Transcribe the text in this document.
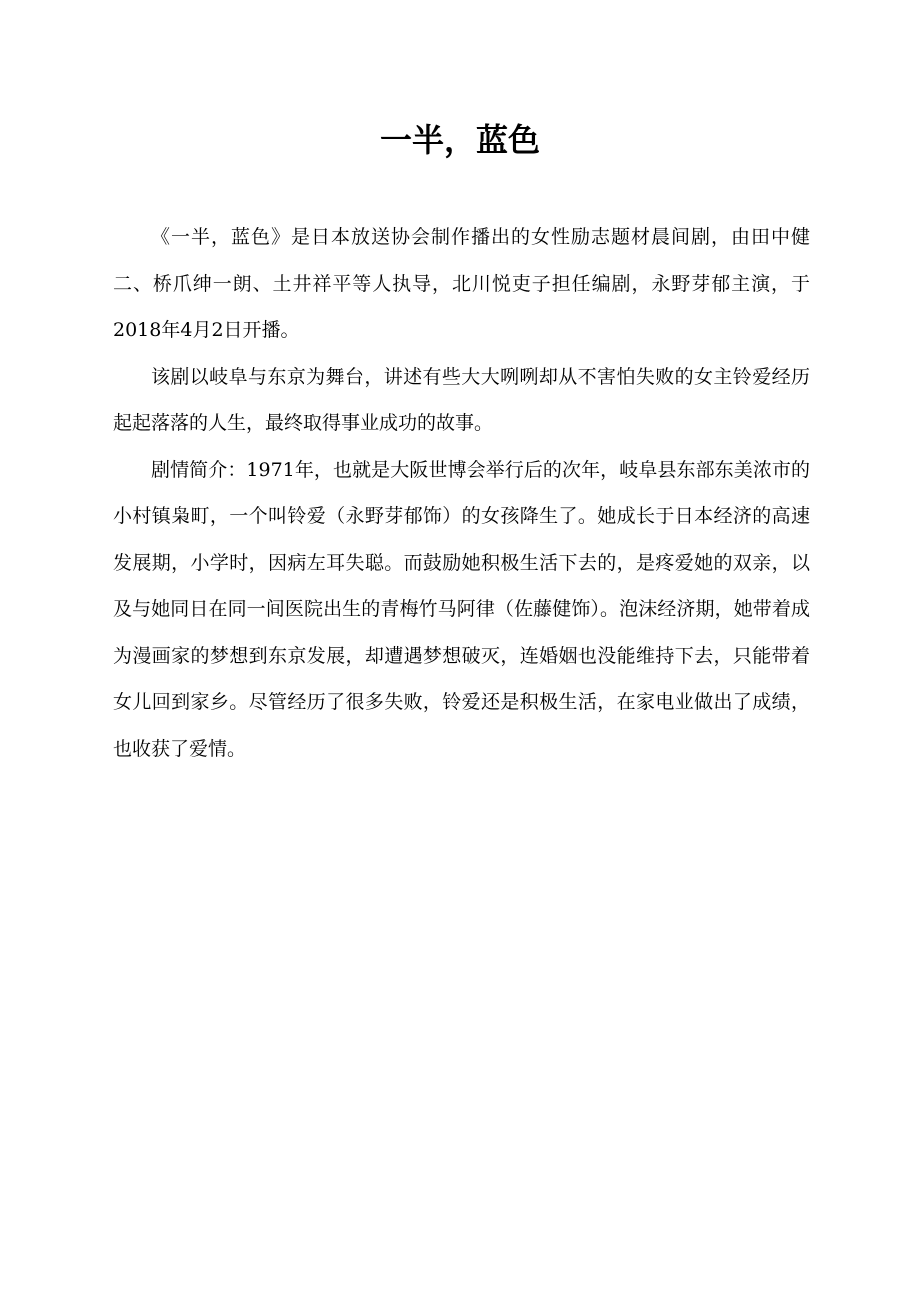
一半，蓝色

《一半，蓝色》是日本放送协会制作播出的女性励志题材晨间剧，由田中健二、桥爪绅一朗、土井祥平等人执导，北川悦吏子担任编剧，永野芽郁主演，于2018年4月2日开播。

该剧以岐阜与东京为舞台，讲述有些大大咧咧却从不害怕失败的女主铃爱经历起起落落的人生，最终取得事业成功的故事。

剧情简介：1971年，也就是大阪世博会举行后的次年，岐阜县东部东美浓市的小村镇枭町，一个叫铃爱（永野芽郁饰）的女孩降生了。她成长于日本经济的高速发展期，小学时，因病左耳失聪。而鼓励她积极生活下去的，是疼爱她的双亲，以及与她同日在同一间医院出生的青梅竹马阿律（佐藤健饰）。泡沫经济期，她带着成为漫画家的梦想到东京发展，却遭遇梦想破灭，连婚姻也没能维持下去，只能带着女儿回到家乡。尽管经历了很多失败，铃爱还是积极生活，在家电业做出了成绩，也收获了爱情。
